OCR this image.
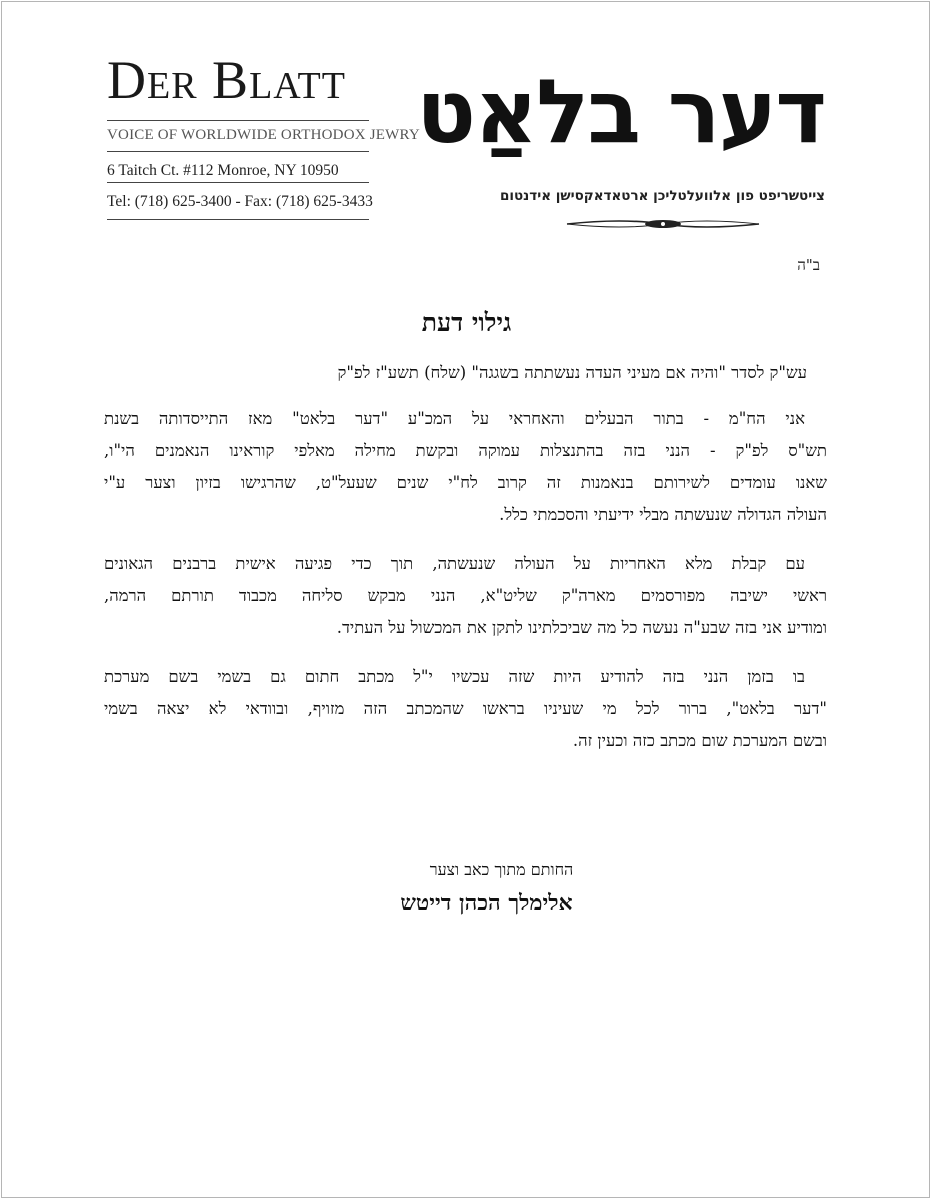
Der Blatt
VOICE OF WORLDWIDE ORTHODOX JEWRY
6 Taitch Ct. #112 Monroe, NY 10950
Tel: (718) 625-3400 - Fax: (718) 625-3433
דער בלאַט
צייטשריפט פון אלוועלטליכן ארטאדאקסישן אידנטום
ב"ה
גילוי דעת

עש"ק לסדר "והיה אם מעיני העדה נעשתתה בשגגה" (שלח) תשע"ז לפ"ק

אני הח"מ - בתור הבעלים והאחראי על המכ"ע "דער בלאט" מאז התייסדותה בשנת
תש"ס לפ"ק - הנני בזה בהתנצלות עמוקה ובקשת מחילה מאלפי קוראינו הנאמנים הי"ו,
שאנו עומדים לשירותם בנאמנות זה קרוב לח"י שנים שעעל"ט, שהרגישו בזיון וצער ע"י
העולה הגדולה שנעשתה מבלי ידיעתי והסכמתי כלל.

עם קבלת מלא האחריות על העולה שנעשתה, תוך כדי פגיעה אישית ברבנים הגאונים
ראשי ישיבה מפורסמים מארה"ק שליט"א, הנני מבקש סליחה מכבוד תורתם הרמה,
ומודיע אני בזה שבע"ה נעשה כל מה שביכלתינו לתקן את המכשול על העתיד.

בו בזמן הנני בזה להודיע היות שזה עכשיו י"ל מכתב חתום גם בשמי בשם מערכת
"דער בלאט", ברור לכל מי שעיניו בראשו שהמכתב הזה מזויף, ובוודאי לא יצאה בשמי
ובשם המערכת שום מכתב כזה וכעין זה.

החותם מתוך כאב וצער
אלימלך הכהן דייטש
